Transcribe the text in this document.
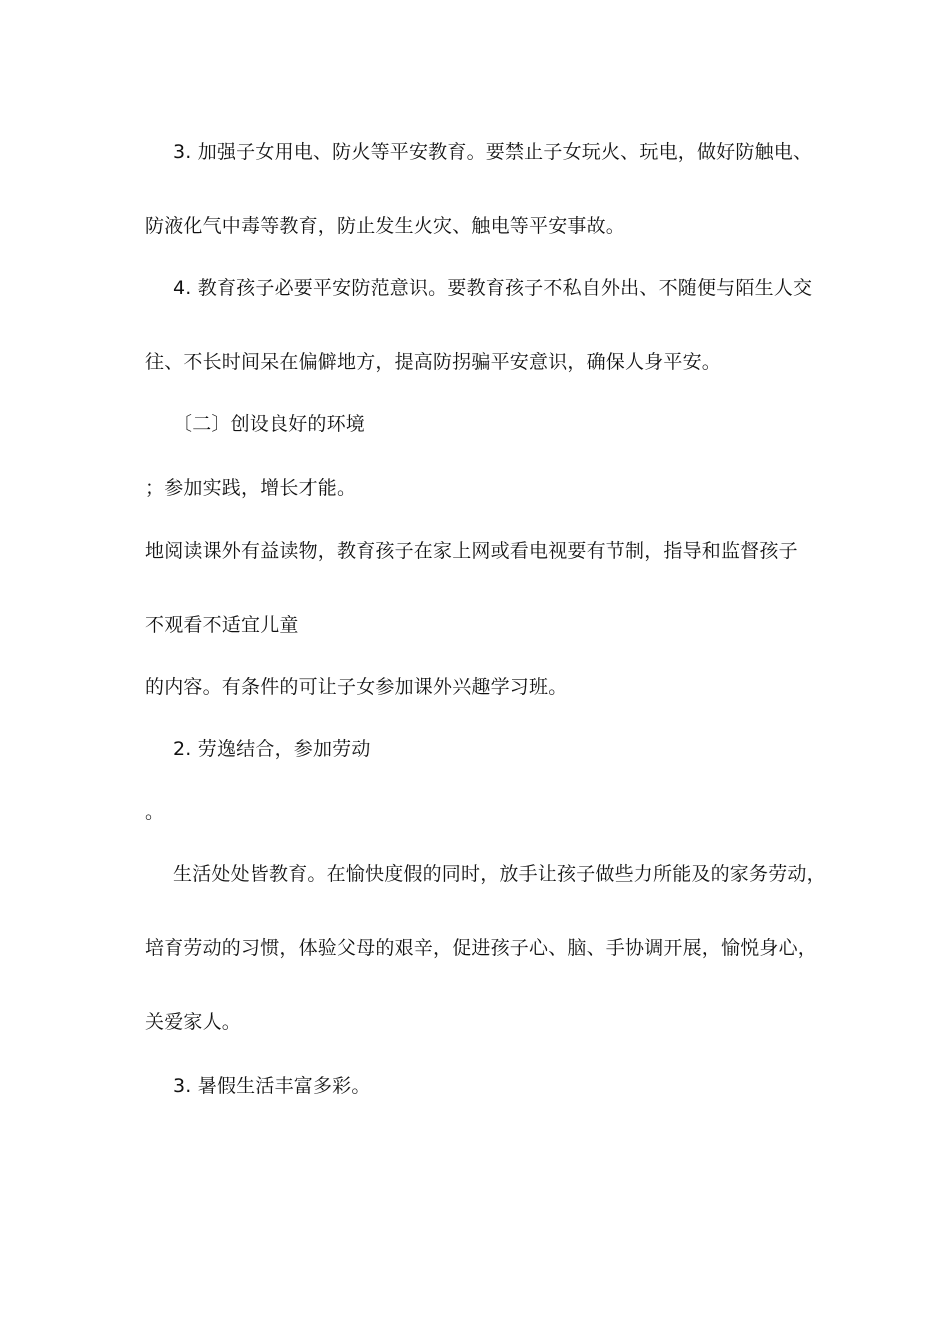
3. 加强子女用电、防火等平安教育。要禁止子女玩火、玩电，做好防触电、
防液化气中毒等教育，防止发生火灾、触电等平安事故。
4. 教育孩子必要平安防范意识。要教育孩子不私自外出、不随便与陌生人交
往、不长时间呆在偏僻地方，提高防拐骗平安意识，确保人身平安。
〔二〕创设良好的环境
；参加实践，增长才能。
地阅读课外有益读物，教育孩子在家上网或看电视要有节制，指导和监督孩子
不观看不适宜儿童
的内容。有条件的可让子女参加课外兴趣学习班。
2. 劳逸结合，参加劳动
。
生活处处皆教育。在愉快度假的同时，放手让孩子做些力所能及的家务劳动，
培育劳动的习惯，体验父母的艰辛，促进孩子心、脑、手协调开展，愉悦身心，
关爱家人。
3. 暑假生活丰富多彩。
